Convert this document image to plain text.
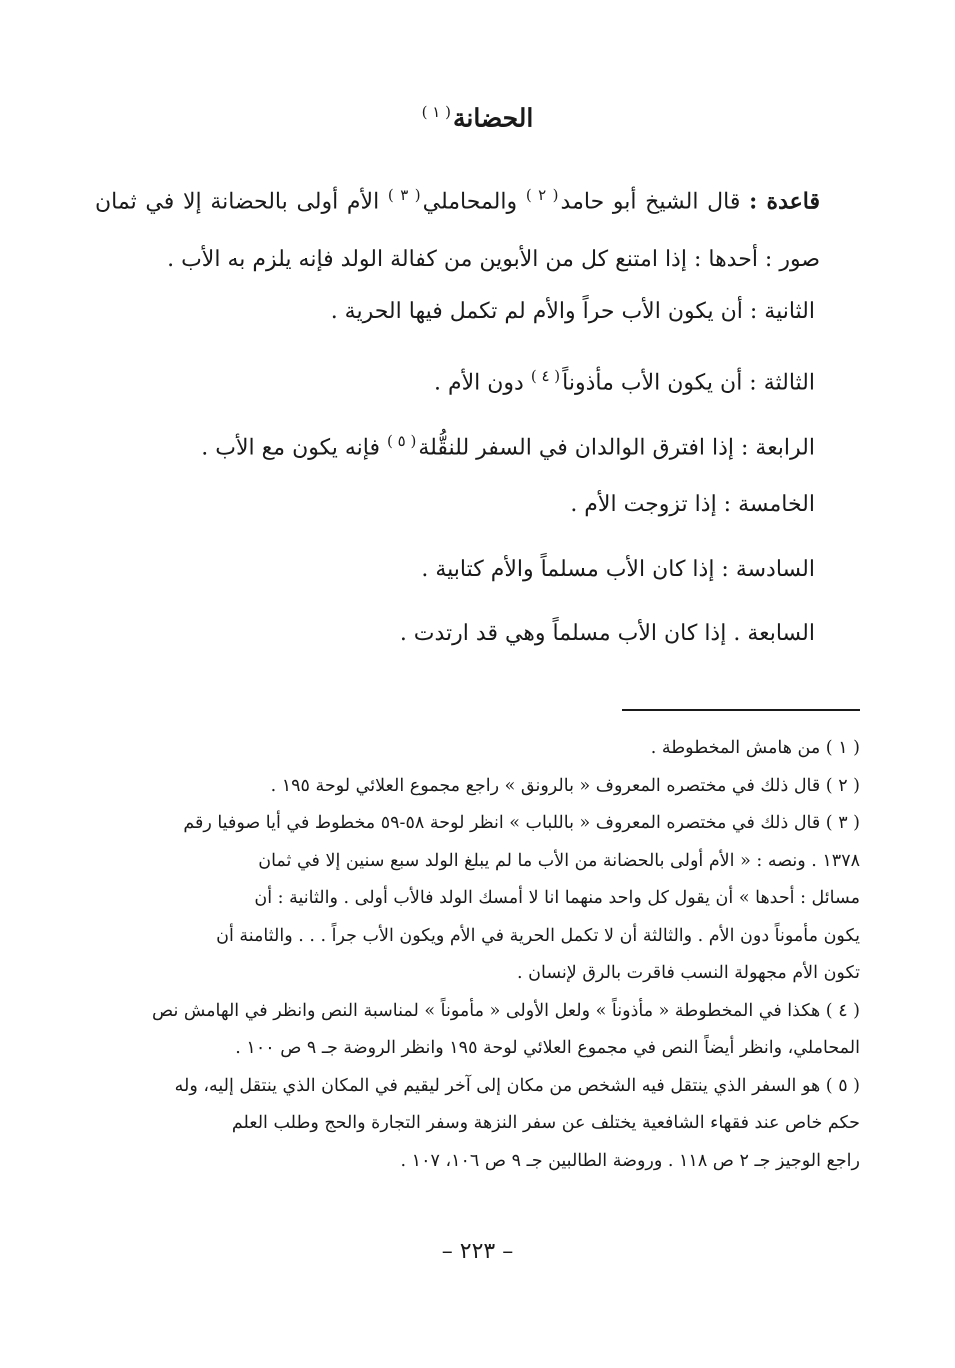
الحضانة$^{( ١ )}$
قاعدة : قال الشيخ أبو حامد$^{( ٢ )}$ والمحاملي$^{( ٣ )}$ الأم أولى بالحضانة إلا في ثمان صور : أحدها : إذا امتنع كل من الأبوين من كفالة الولد فإنه يلزم به الأب .
الثانية : أن يكون الأب حراً والأم لم تكمل فيها الحرية .
الثالثة : أن يكون الأب مأذوناً$^{( ٤ )}$ دون الأم .
الرابعة : إذا افترق الوالدان في السفر للنقُّلة$^{( ٥ )}$ فإنه يكون مع الأب .
الخامسة : إذا تزوجت الأم .
السادسة : إذا كان الأب مسلماً والأم كتابية .
السابعة . إذا كان الأب مسلماً وهي قد ارتدت .
( ١ ) من هامش المخطوطة .
( ٢ ) قال ذلك في مختصره المعروف « بالرونق » راجع مجموع العلائي لوحة ١٩٥ .
( ٣ ) قال ذلك في مختصره المعروف « باللباب » انظر لوحة ٥٨-٥٩ مخطوط في أيا صوفيا رقم
١٣٧٨ . ونصه : « الأم أولى بالحضانة من الأب ما لم يبلغ الولد سبع سنين إلا في ثمان
مسائل : أحدها » أن يقول كل واحد منهما انا لا أمسك الولد فالأب أولى . والثانية : أن
يكون مأموناً دون الأم . والثالثة أن لا تكمل الحرية في الأم ويكون الأب جراً . . . والثامنة أن
تكون الأم مجهولة النسب فاقرت بالرق لإنسان .
( ٤ ) هكذا في المخطوطة « مأذوناً » ولعل الأولى « مأموناً » لمناسبة النص وانظر في الهامش نص
المحاملي، وانظر أيضاً النص في مجموع العلائي لوحة ١٩٥ وانظر الروضة جـ ٩ ص ١٠٠ .
( ٥ ) هو السفر الذي ينتقل فيه الشخص من مكان إلى آخر ليقيم في المكان الذي ينتقل إليه، وله
حكم خاص عند فقهاء الشافعية يختلف عن سفر النزهة وسفر التجارة والحج وطلب العلم
راجع الوجيز جـ ٢ ص ١١٨ . وروضة الطالبين جـ ٩ ص ١٠٦، ١٠٧ .
– ٢٢٣ –
